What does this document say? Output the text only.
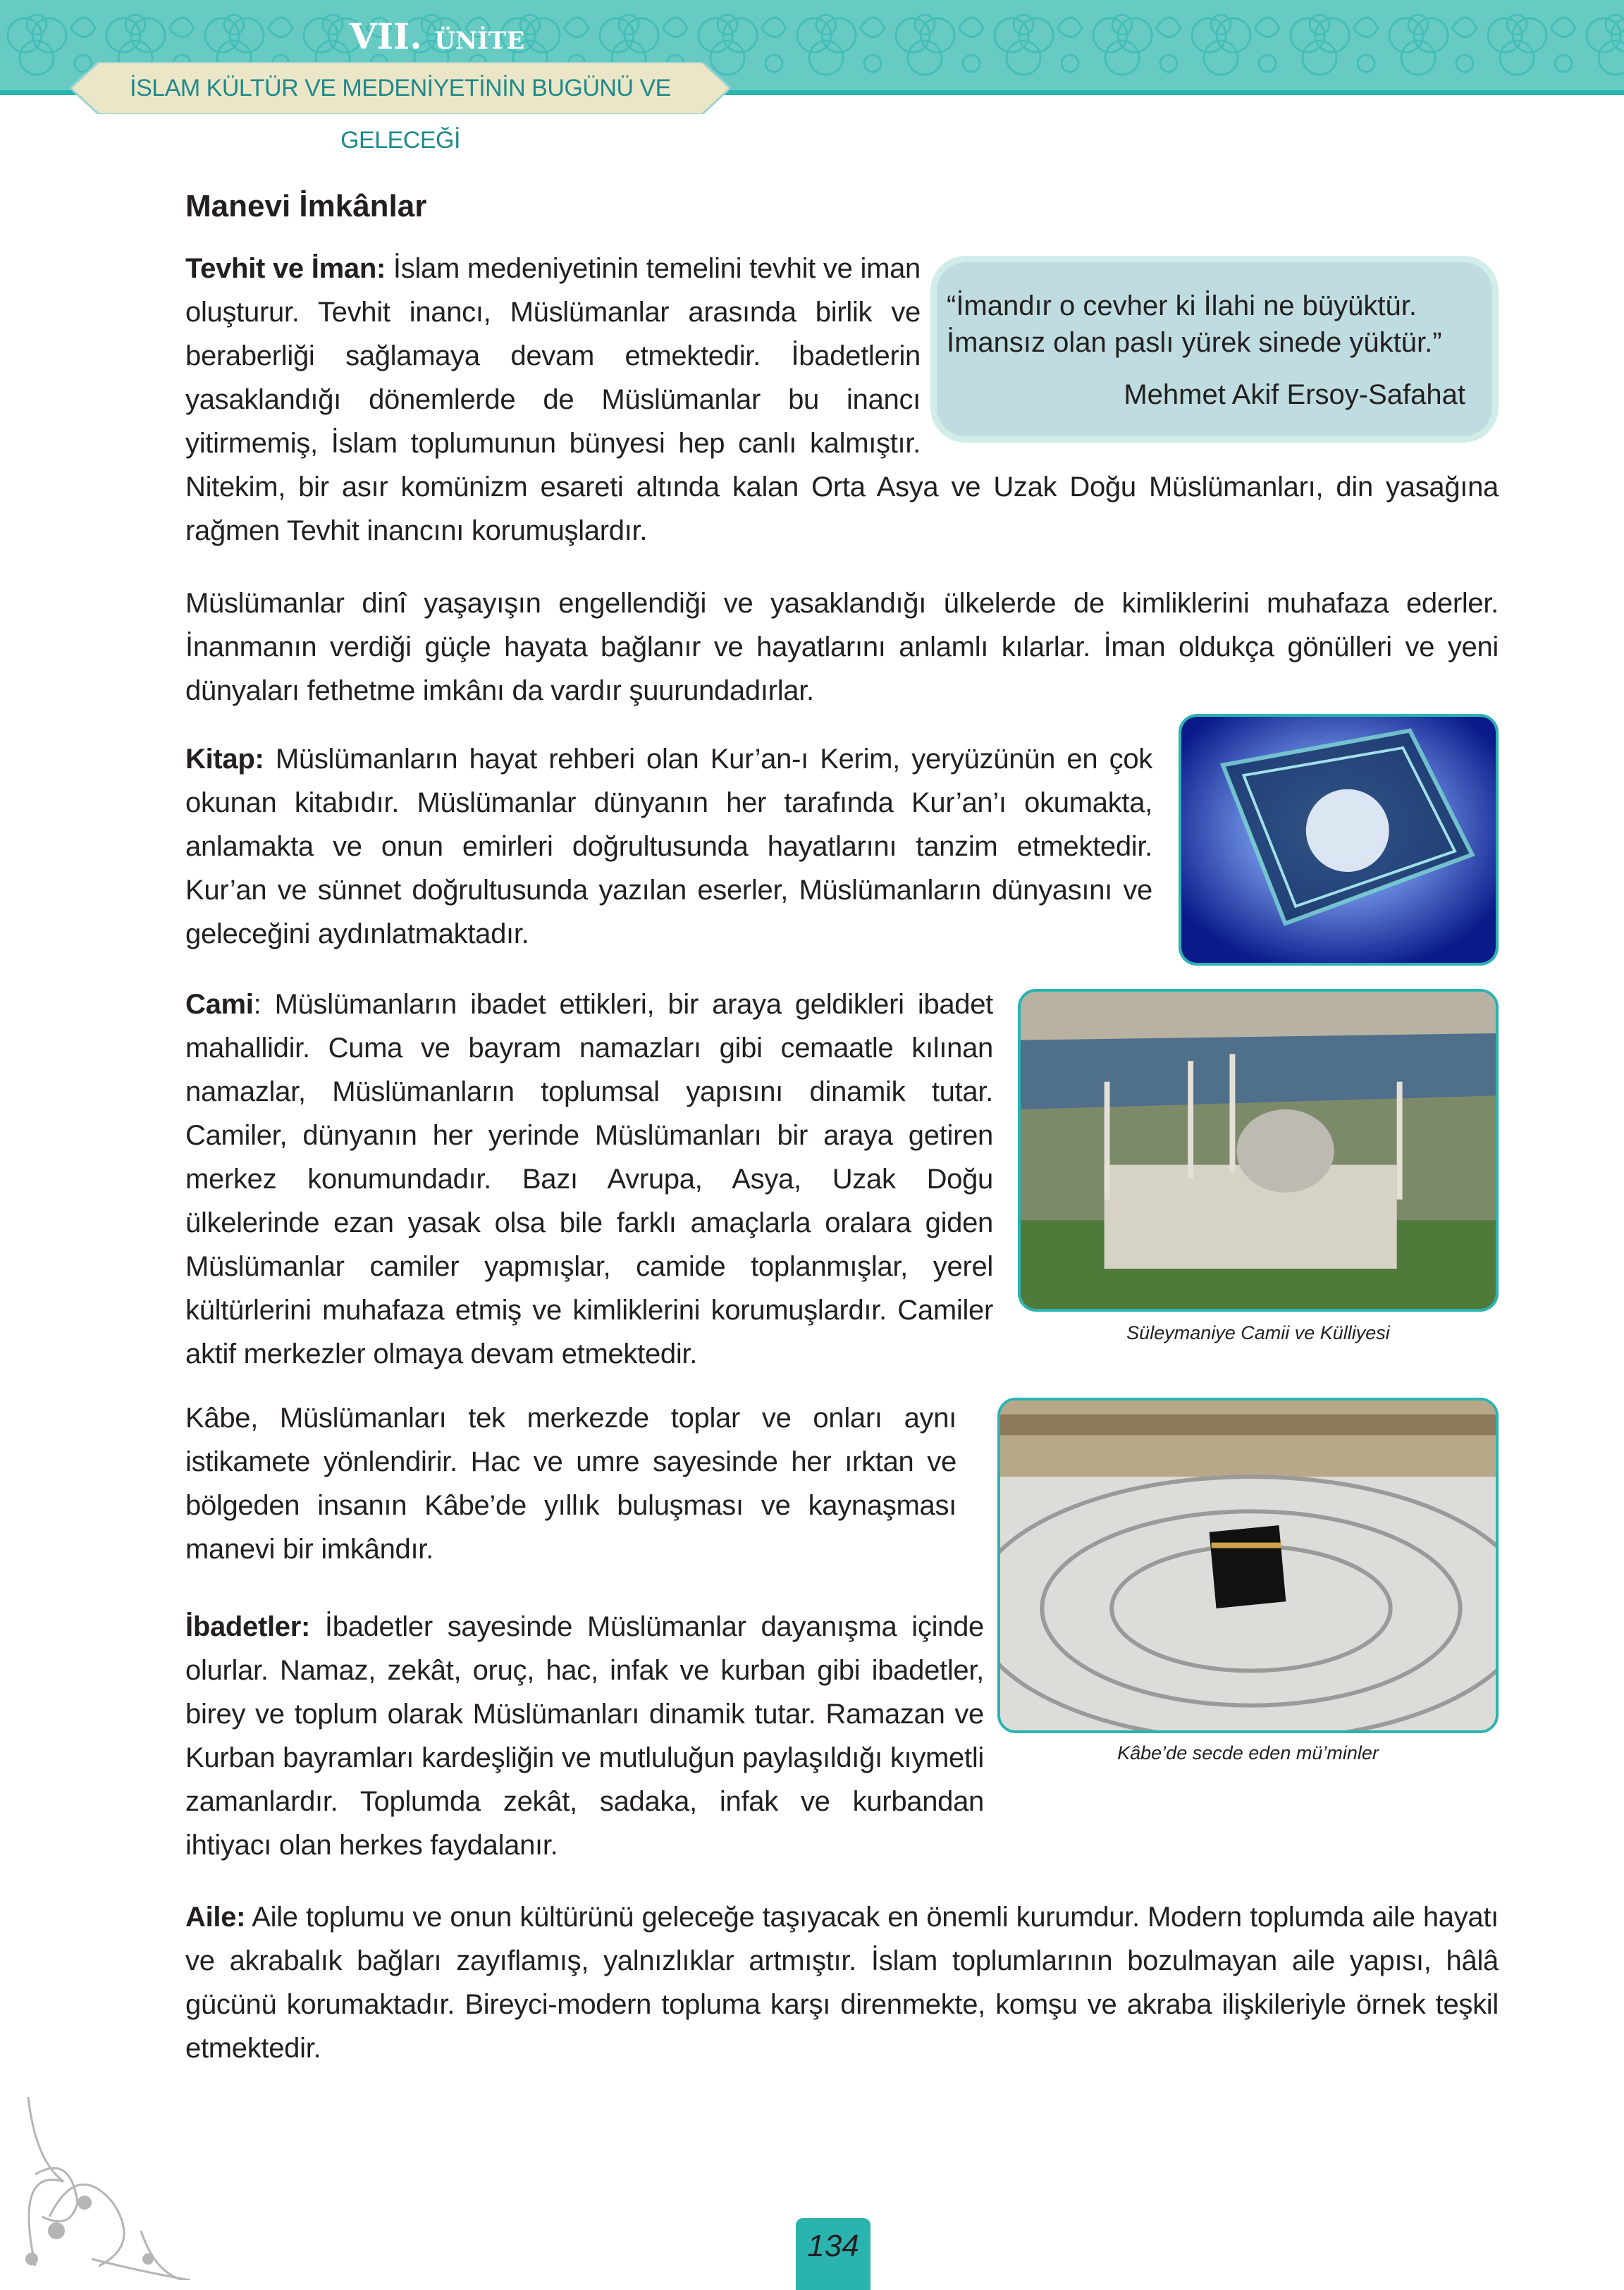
VII. ÜNİTE
İSLAM KÜLTÜR VE MEDENİYETİNİN BUGÜNÜ VE GELECEĞİ
Manevi İmkânlar
“İmandır o cevher ki İlahi ne büyüktür.
İmansız olan paslı yürek sinede yüktür.”
Mehmet Akif Ersoy-Safahat

Tevhit ve İman: İslam medeniyetinin temelini tevhit ve iman oluşturur. Tevhit inancı, Müslümanlar arasında birlik ve beraberliği sağlamaya devam etmektedir. İbadetlerin yasaklandığı dönemlerde de Müslümanlar bu inancı yitirmemiş, İslam toplumunun bünyesi hep canlı kalmıştır. Nitekim, bir asır komünizm esareti altında kalan Orta Asya ve Uzak Doğu Müslümanları, din yasağına rağmen Tevhit inancını korumuşlardır.

Müslümanlar dinî yaşayışın engellendiği ve yasaklandığı ülkelerde de kimliklerini muhafaza ederler. İnanmanın verdiği güçle hayata bağlanır ve hayatlarını anlamlı kılarlar. İman oldukça gönülleri ve yeni dünyaları fethetme imkânı da vardır şuurundadırlar.

Kitap: Müslümanların hayat rehberi olan Kur’an-ı Kerim, yeryüzünün en çok okunan kitabıdır. Müslümanlar dünyanın her tarafında Kur’an’ı okumakta, anlamakta ve onun emirleri doğrultusunda hayatlarını tanzim etmektedir. Kur’an ve sünnet doğrultusunda yazılan eserler, Müslümanların dünyasını ve geleceğini aydınlatmaktadır.

Cami: Müslümanların ibadet ettikleri, bir araya geldikleri ibadet mahallidir. Cuma ve bayram namazları gibi cemaatle kılınan namazlar, Müslümanların toplumsal yapısını dinamik tutar. Camiler, dünyanın her yerinde Müslümanları bir araya getiren merkez konumundadır. Bazı Avrupa, Asya, Uzak Doğu ülkelerinde ezan yasak olsa bile farklı amaçlarla oralara giden Müslümanlar camiler yapmışlar, camide toplanmışlar, yerel kültürlerini muhafaza etmiş ve kimliklerini korumuşlardır. Camiler aktif merkezler olmaya devam etmektedir.

Kâbe, Müslümanları tek merkezde toplar ve onları aynı istikamete yönlendirir. Hac ve umre sayesinde her ırktan ve bölgeden insanın Kâbe’de yıllık buluşması ve kaynaşması manevi bir imkândır.

İbadetler: İbadetler sayesinde Müslümanlar dayanışma içinde olurlar. Namaz, zekât, oruç, hac, infak ve kurban gibi ibadetler, birey ve toplum olarak Müslümanları dinamik tutar. Ramazan ve Kurban bayramları kardeşliğin ve mutluluğun paylaşıldığı kıymetli zamanlardır. Toplumda zekât, sadaka, infak ve kurbandan ihtiyacı olan herkes faydalanır.

Aile: Aile toplumu ve onun kültürünü geleceğe taşıyacak en önemli kurumdur. Modern toplumda aile hayatı ve akrabalık bağları zayıflamış, yalnızlıklar artmıştır. İslam toplumlarının bozulmayan aile yapısı, hâlâ gücünü korumaktadır. Bireyci-modern topluma karşı direnmekte, komşu ve akraba ilişkileriyle örnek teşkil etmektedir.

Süleymaniye Camii ve Külliyesi
Kâbe’de secde eden mü’minler
134
